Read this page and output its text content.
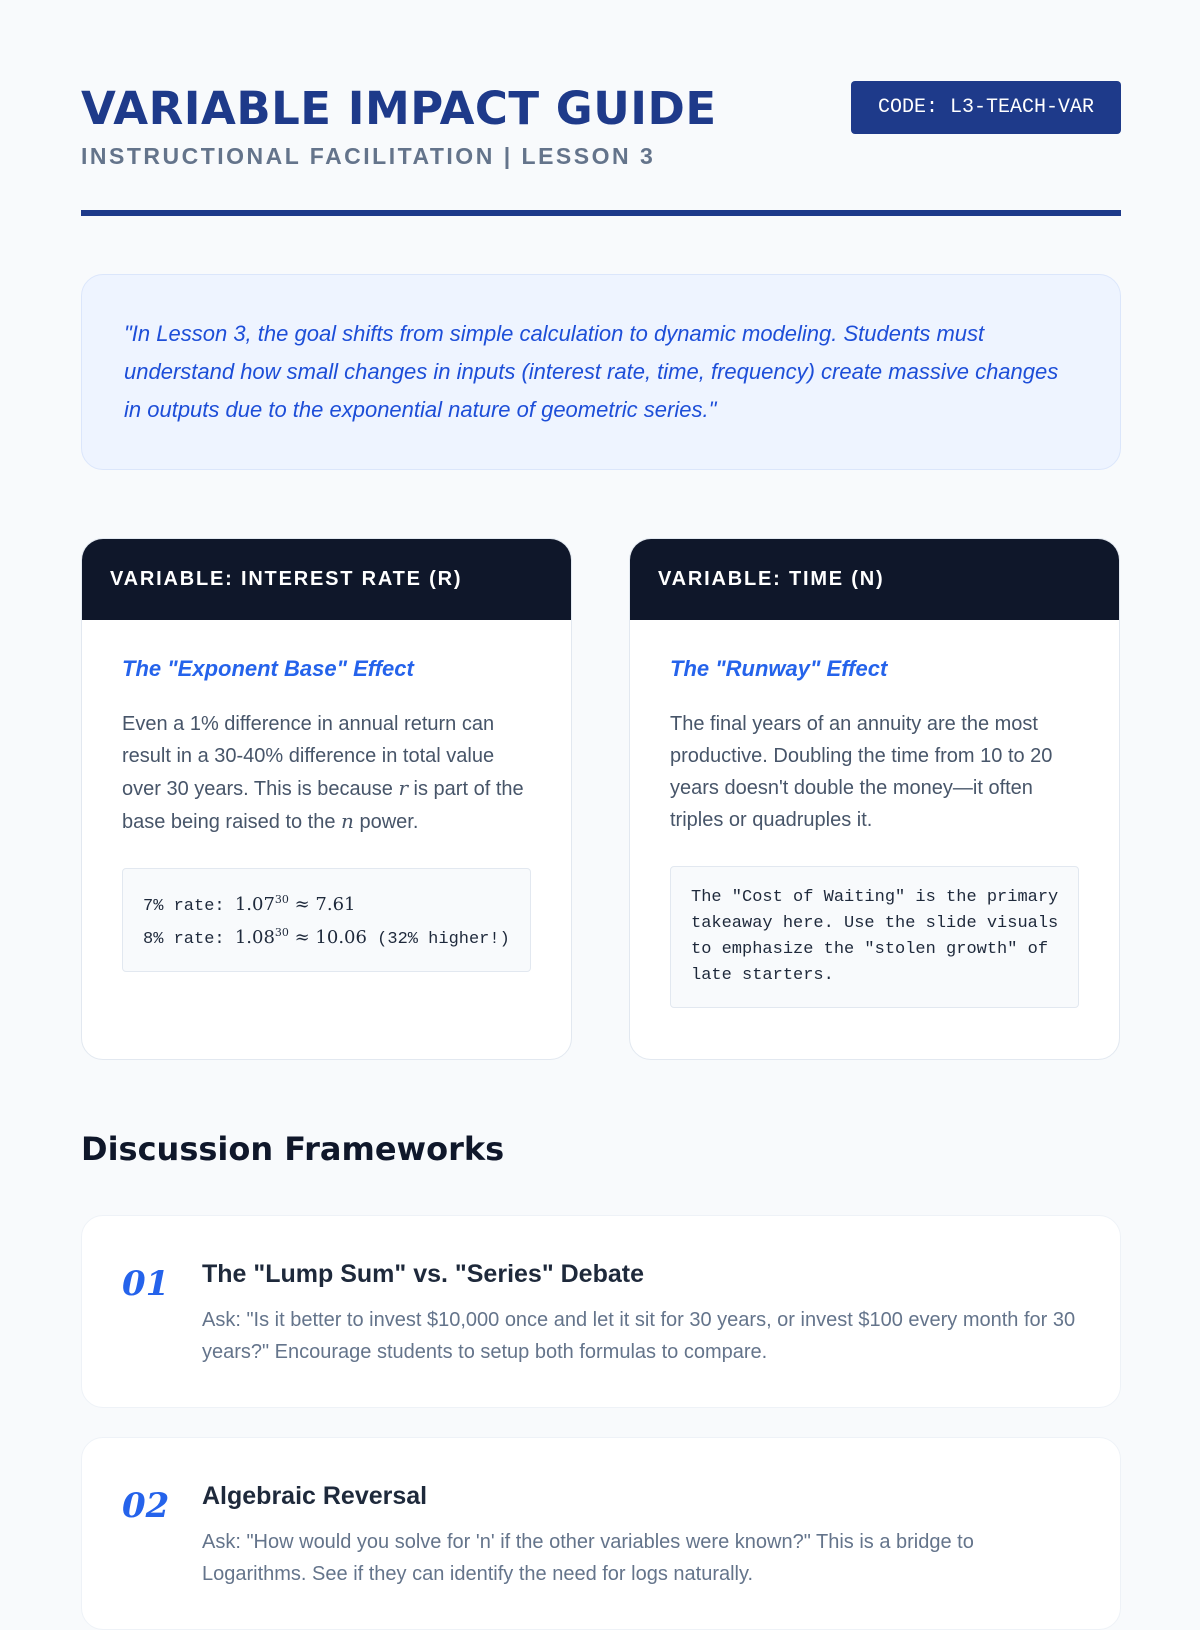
VARIABLE IMPACT GUIDE
INSTRUCTIONAL FACILITATION | LESSON 3
CODE: L3-TEACH-VAR

"In Lesson 3, the goal shifts from simple calculation to dynamic modeling. Students must understand how small changes in inputs (interest rate, time, frequency) create massive changes in outputs due to the exponential nature of geometric series."

VARIABLE: INTEREST RATE (R)
The "Exponent Base" Effect

Even a 1% difference in annual return can result in a 30-40% difference in total value over 30 years. This is because r is part of the base being raised to the n power.

7% rate: $1.07^{30} \approx 7.61$
8% rate: $1.08^{30} \approx 10.06$ (32% higher!)
VARIABLE: TIME (N)
The "Runway" Effect

The final years of an annuity are the most productive. Doubling the time from 10 to 20 years doesn't double the money—it often triples or quadruples it.

The "Cost of Waiting" is the primary
takeaway here. Use the slide visuals
to emphasize the "stolen growth" of
late starters.
Discussion Frameworks
01 The "Lump Sum" vs. "Series" Debate

Ask: "Is it better to invest $10,000 once and let it sit for 30 years, or invest $100 every month for 30 years?" Encourage students to setup both formulas to compare.

02 Algebraic Reversal

Ask: "How would you solve for 'n' if the other variables were known?" This is a bridge to Logarithms. See if they can identify the need for logs naturally.
